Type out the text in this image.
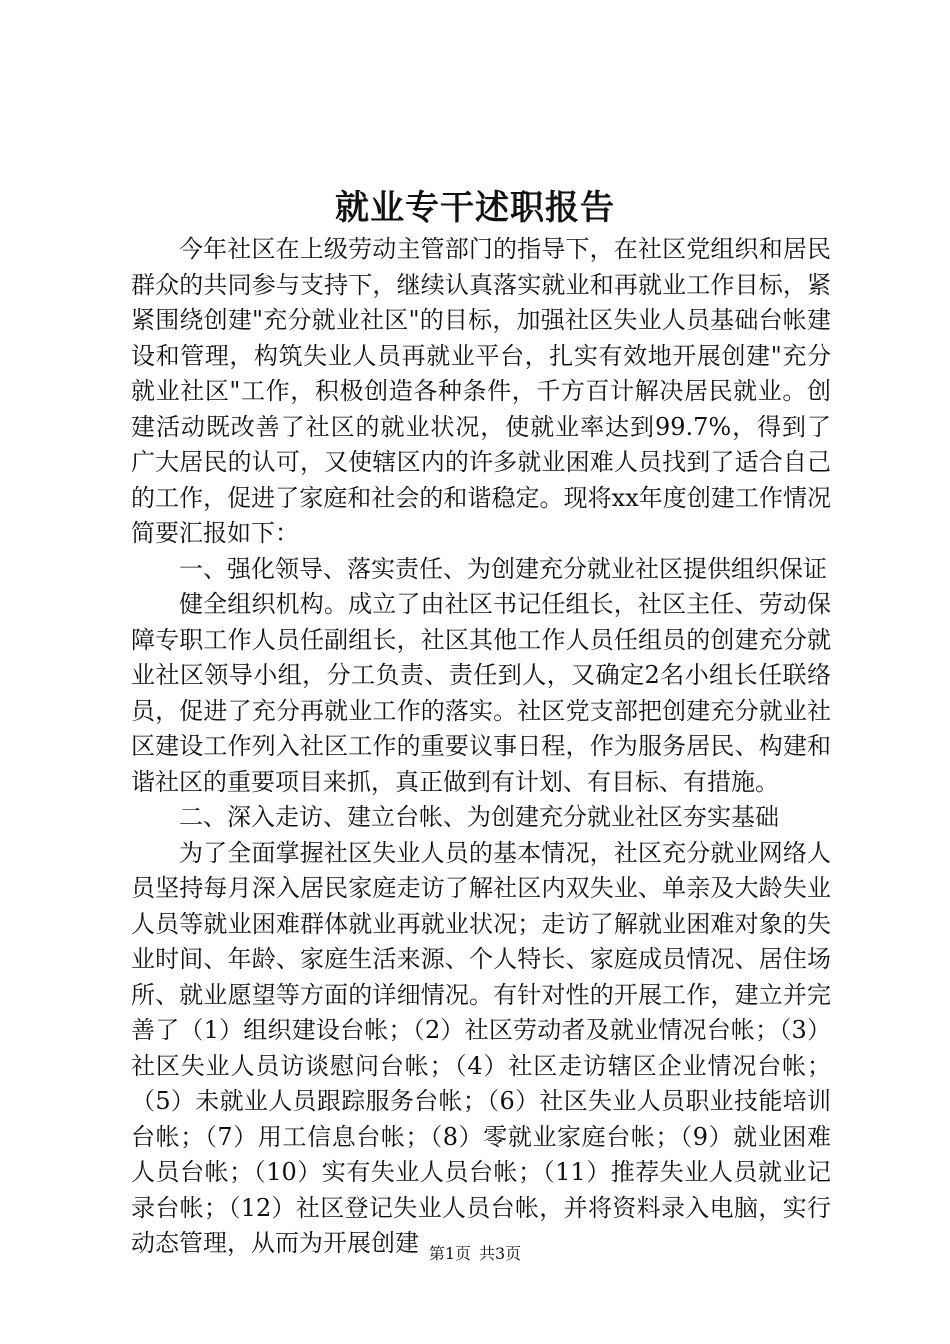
就业专干述职报告

今年社区在上级劳动主管部门的指导下，在社区党组织和居民群众的共同参与支持下，继续认真落实就业和再就业工作目标，紧紧围绕创建"充分就业社区"的目标，加强社区失业人员基础台帐建设和管理，构筑失业人员再就业平台，扎实有效地开展创建"充分就业社区"工作，积极创造各种条件，千方百计解决居民就业。创建活动既改善了社区的就业状况，使就业率达到99.7%，得到了广大居民的认可，又使辖区内的许多就业困难人员找到了适合自己的工作，促进了家庭和社会的和谐稳定。现将xx年度创建工作情况简要汇报如下：

一、强化领导、落实责任、为创建充分就业社区提供组织保证

健全组织机构。成立了由社区书记任组长，社区主任、劳动保障专职工作人员任副组长，社区其他工作人员任组员的创建充分就业社区领导小组，分工负责、责任到人，又确定2名小组长任联络员，促进了充分再就业工作的落实。社区党支部把创建充分就业社区建设工作列入社区工作的重要议事日程，作为服务居民、构建和谐社区的重要项目来抓，真正做到有计划、有目标、有措施。

二、深入走访、建立台帐、为创建充分就业社区夯实基础

为了全面掌握社区失业人员的基本情况，社区充分就业网络人员坚持每月深入居民家庭走访了解社区内双失业、单亲及大龄失业人员等就业困难群体就业再就业状况；走访了解就业困难对象的失业时间、年龄、家庭生活来源、个人特长、家庭成员情况、居住场所、就业愿望等方面的详细情况。有针对性的开展工作，建立并完善了（1）组织建设台帐；（2）社区劳动者及就业情况台帐；（3）社区失业人员访谈慰问台帐；（4）社区走访辖区企业情况台帐；（5）未就业人员跟踪服务台帐；（6）社区失业人员职业技能培训台帐；（7）用工信息台帐；（8）零就业家庭台帐；（9）就业困难人员台帐；（10）实有失业人员台帐；（11）推荐失业人员就业记录台帐；（12）社区登记失业人员台帐，并将资料录入电脑，实行动态管理，从而为开展创建 第1页 共3页
